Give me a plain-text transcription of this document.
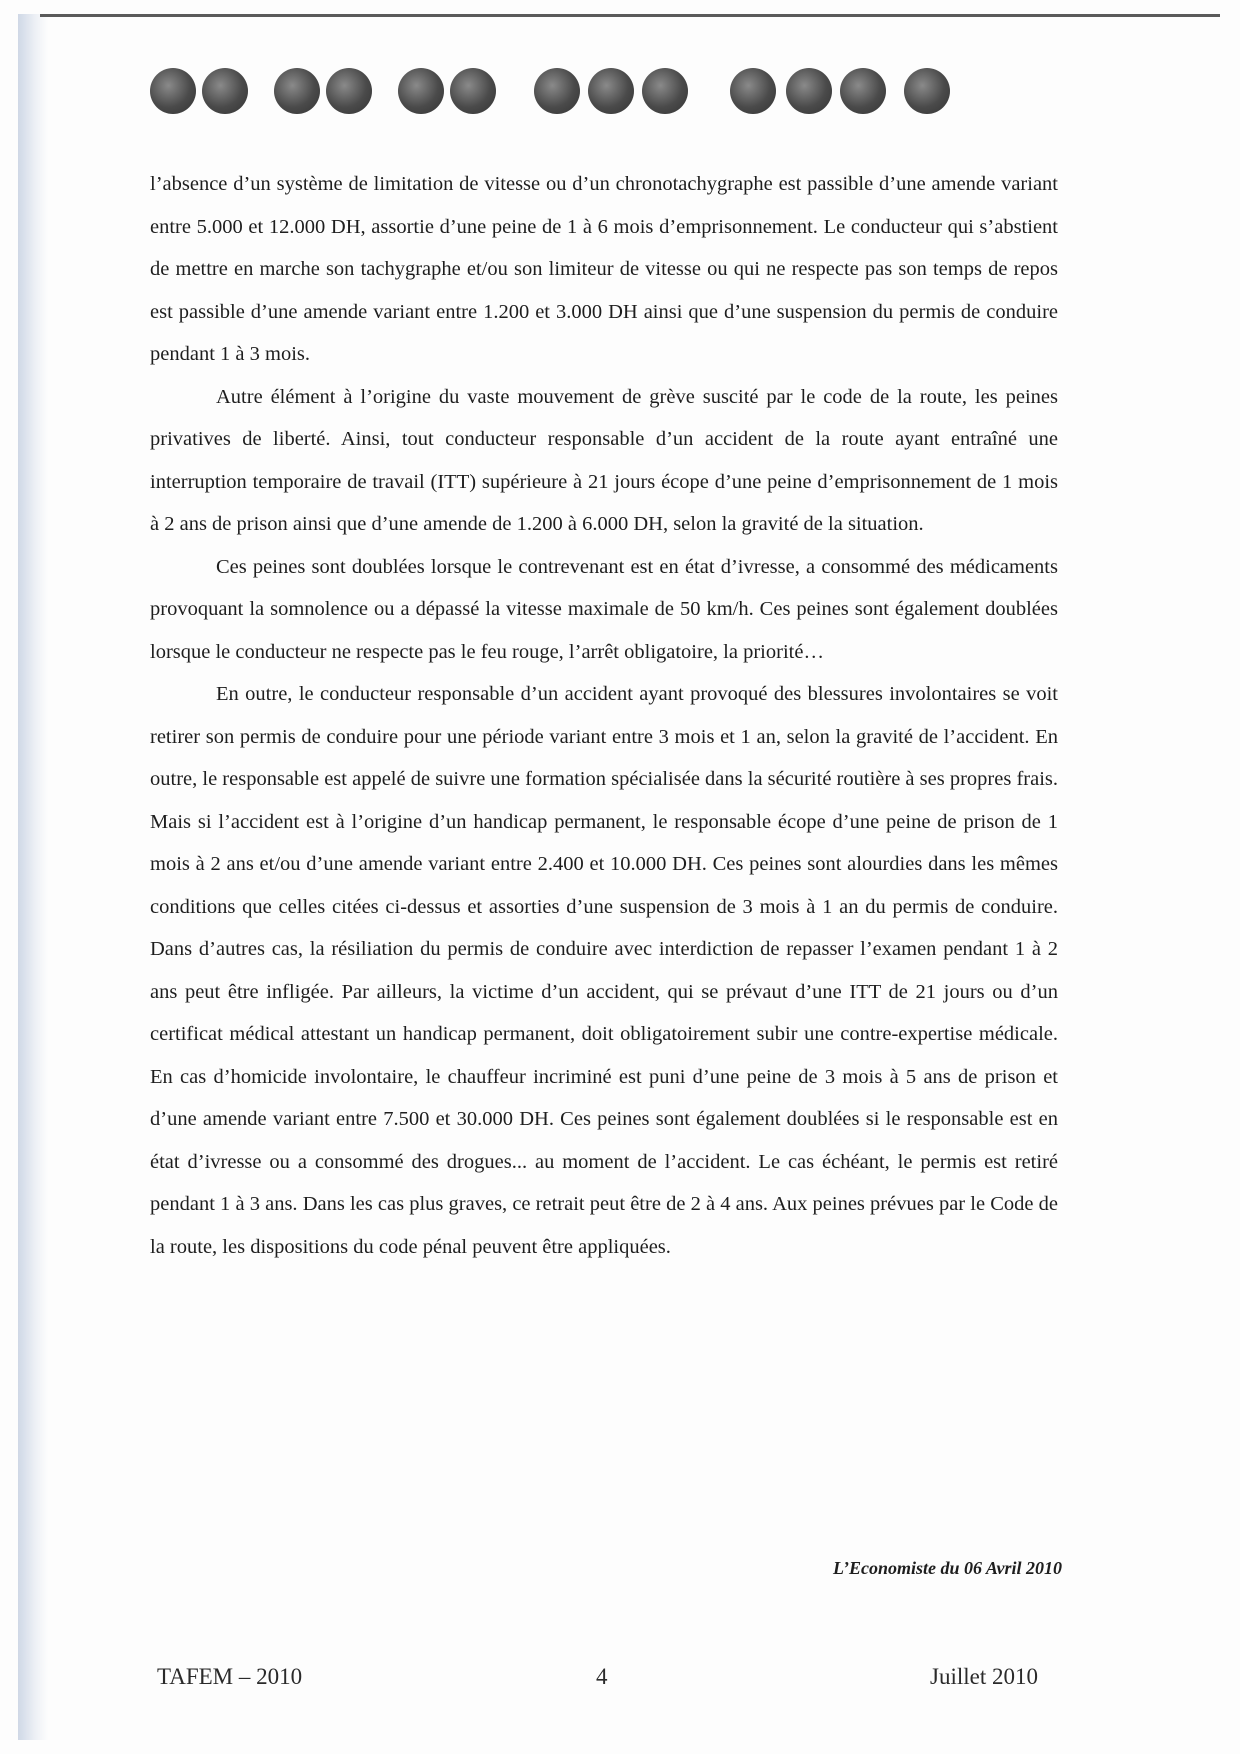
l’absence d’un système de limitation de vitesse ou d’un chronotachygraphe est passible d’une amende variant entre 5.000 et 12.000 DH, assortie d’une peine de 1 à 6 mois d’emprisonnement. Le conducteur qui s’abstient de mettre en marche son tachygraphe et/ou son limiteur de vitesse ou qui ne respecte pas son temps de repos est passible d’une amende variant entre 1.200 et 3.000 DH ainsi que d’une suspension du permis de conduire pendant 1 à 3 mois.

Autre élément à l’origine du vaste mouvement de grève suscité par le code de la route, les peines privatives de liberté. Ainsi, tout conducteur responsable d’un accident de la route ayant entraîné une interruption temporaire de travail (ITT) supérieure à 21 jours écope d’une peine d’emprisonnement de 1 mois à 2 ans de prison ainsi que d’une amende de 1.200 à 6.000 DH, selon la gravité de la situation.

Ces peines sont doublées lorsque le contrevenant est en état d’ivresse, a consommé des médicaments provoquant la somnolence ou a dépassé la vitesse maximale de 50 km/h. Ces peines sont également doublées lorsque le conducteur ne respecte pas le feu rouge, l’arrêt obligatoire, la priorité…

En outre, le conducteur responsable d’un accident ayant provoqué des blessures involontaires se voit retirer son permis de conduire pour une période variant entre 3 mois et 1 an, selon la gravité de l’accident. En outre, le responsable est appelé de suivre une formation spécialisée dans la sécurité routière à ses propres frais. Mais si l’accident est à l’origine d’un handicap permanent, le responsable écope d’une peine de prison de 1 mois à 2 ans et/ou d’une amende variant entre 2.400 et 10.000 DH. Ces peines sont alourdies dans les mêmes conditions que celles citées ci-dessus et assorties d’une suspension de 3 mois à 1 an du permis de conduire. Dans d’autres cas, la résiliation du permis de conduire avec interdiction de repasser l’examen pendant 1 à 2 ans peut être infligée. Par ailleurs, la victime d’un accident, qui se prévaut d’une ITT de 21 jours ou d’un certificat médical attestant un handicap permanent, doit obligatoirement subir une contre-expertise médicale. En cas d’homicide involontaire, le chauffeur incriminé est puni d’une peine de 3 mois à 5 ans de prison et d’une amende variant entre 7.500 et 30.000 DH. Ces peines sont également doublées si le responsable est en état d’ivresse ou a consommé des drogues... au moment de l’accident. Le cas échéant, le permis est retiré pendant 1 à 3 ans. Dans les cas plus graves, ce retrait peut être de 2 à 4 ans. Aux peines prévues par le Code de la route, les dispositions du code pénal peuvent être appliquées.

L’Economiste du 06 Avril 2010
TAFEM – 2010	4	Juillet 2010
